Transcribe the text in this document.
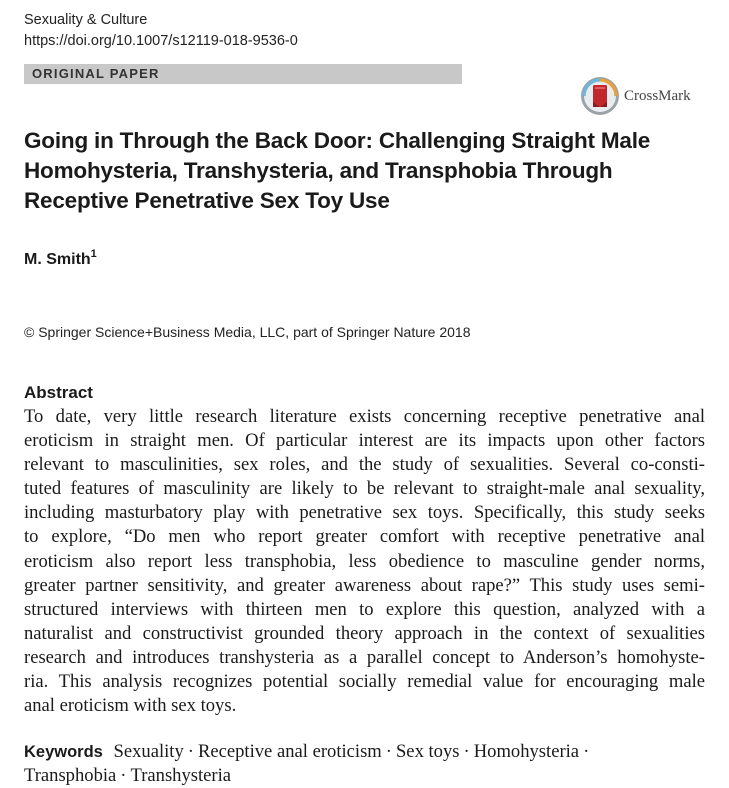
Sexuality & Culture
https://doi.org/10.1007/s12119-018-9536-0
ORIGINAL PAPER
CrossMark
Going in Through the Back Door: Challenging Straight Male
Homohysteria, Transhysteria, and Transphobia Through
Receptive Penetrative Sex Toy Use
M. Smith$^1$
© Springer Science+Business Media, LLC, part of Springer Nature 2018
Abstract
To date, very little research literature exists concerning receptive penetrative anal
eroticism in straight men. Of particular interest are its impacts upon other factors
relevant to masculinities, sex roles, and the study of sexualities. Several co-consti-
tuted features of masculinity are likely to be relevant to straight-male anal sexuality,
including masturbatory play with penetrative sex toys. Specifically, this study seeks
to explore, “Do men who report greater comfort with receptive penetrative anal
eroticism also report less transphobia, less obedience to masculine gender norms,
greater partner sensitivity, and greater awareness about rape?” This study uses semi-
structured interviews with thirteen men to explore this question, analyzed with a
naturalist and constructivist grounded theory approach in the context of sexualities
research and introduces transhysteria as a parallel concept to Anderson’s homohyste-
ria. This analysis recognizes potential socially remedial value for encouraging male
anal eroticism with sex toys.
Keywords Sexuality · Receptive anal eroticism · Sex toys · Homohysteria ·
Transphobia · Transhysteria
